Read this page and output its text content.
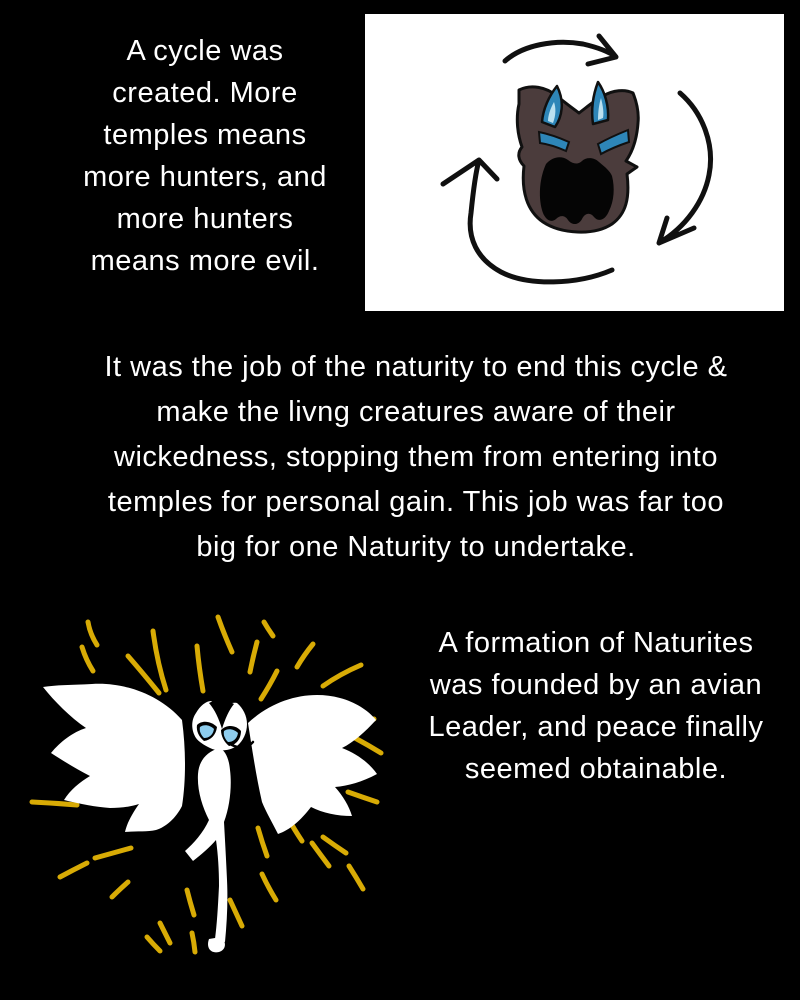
A cycle was
created. More
temples means
more hunters, and
more hunters
means more evil.
It was the job of the naturity to end this cycle &
make the livng creatures aware of their
wickedness, stopping them from entering into
temples for personal gain. This job was far too
big for one Naturity to undertake.
A formation of Naturites
was founded by an avian
Leader, and peace finally
seemed obtainable.
